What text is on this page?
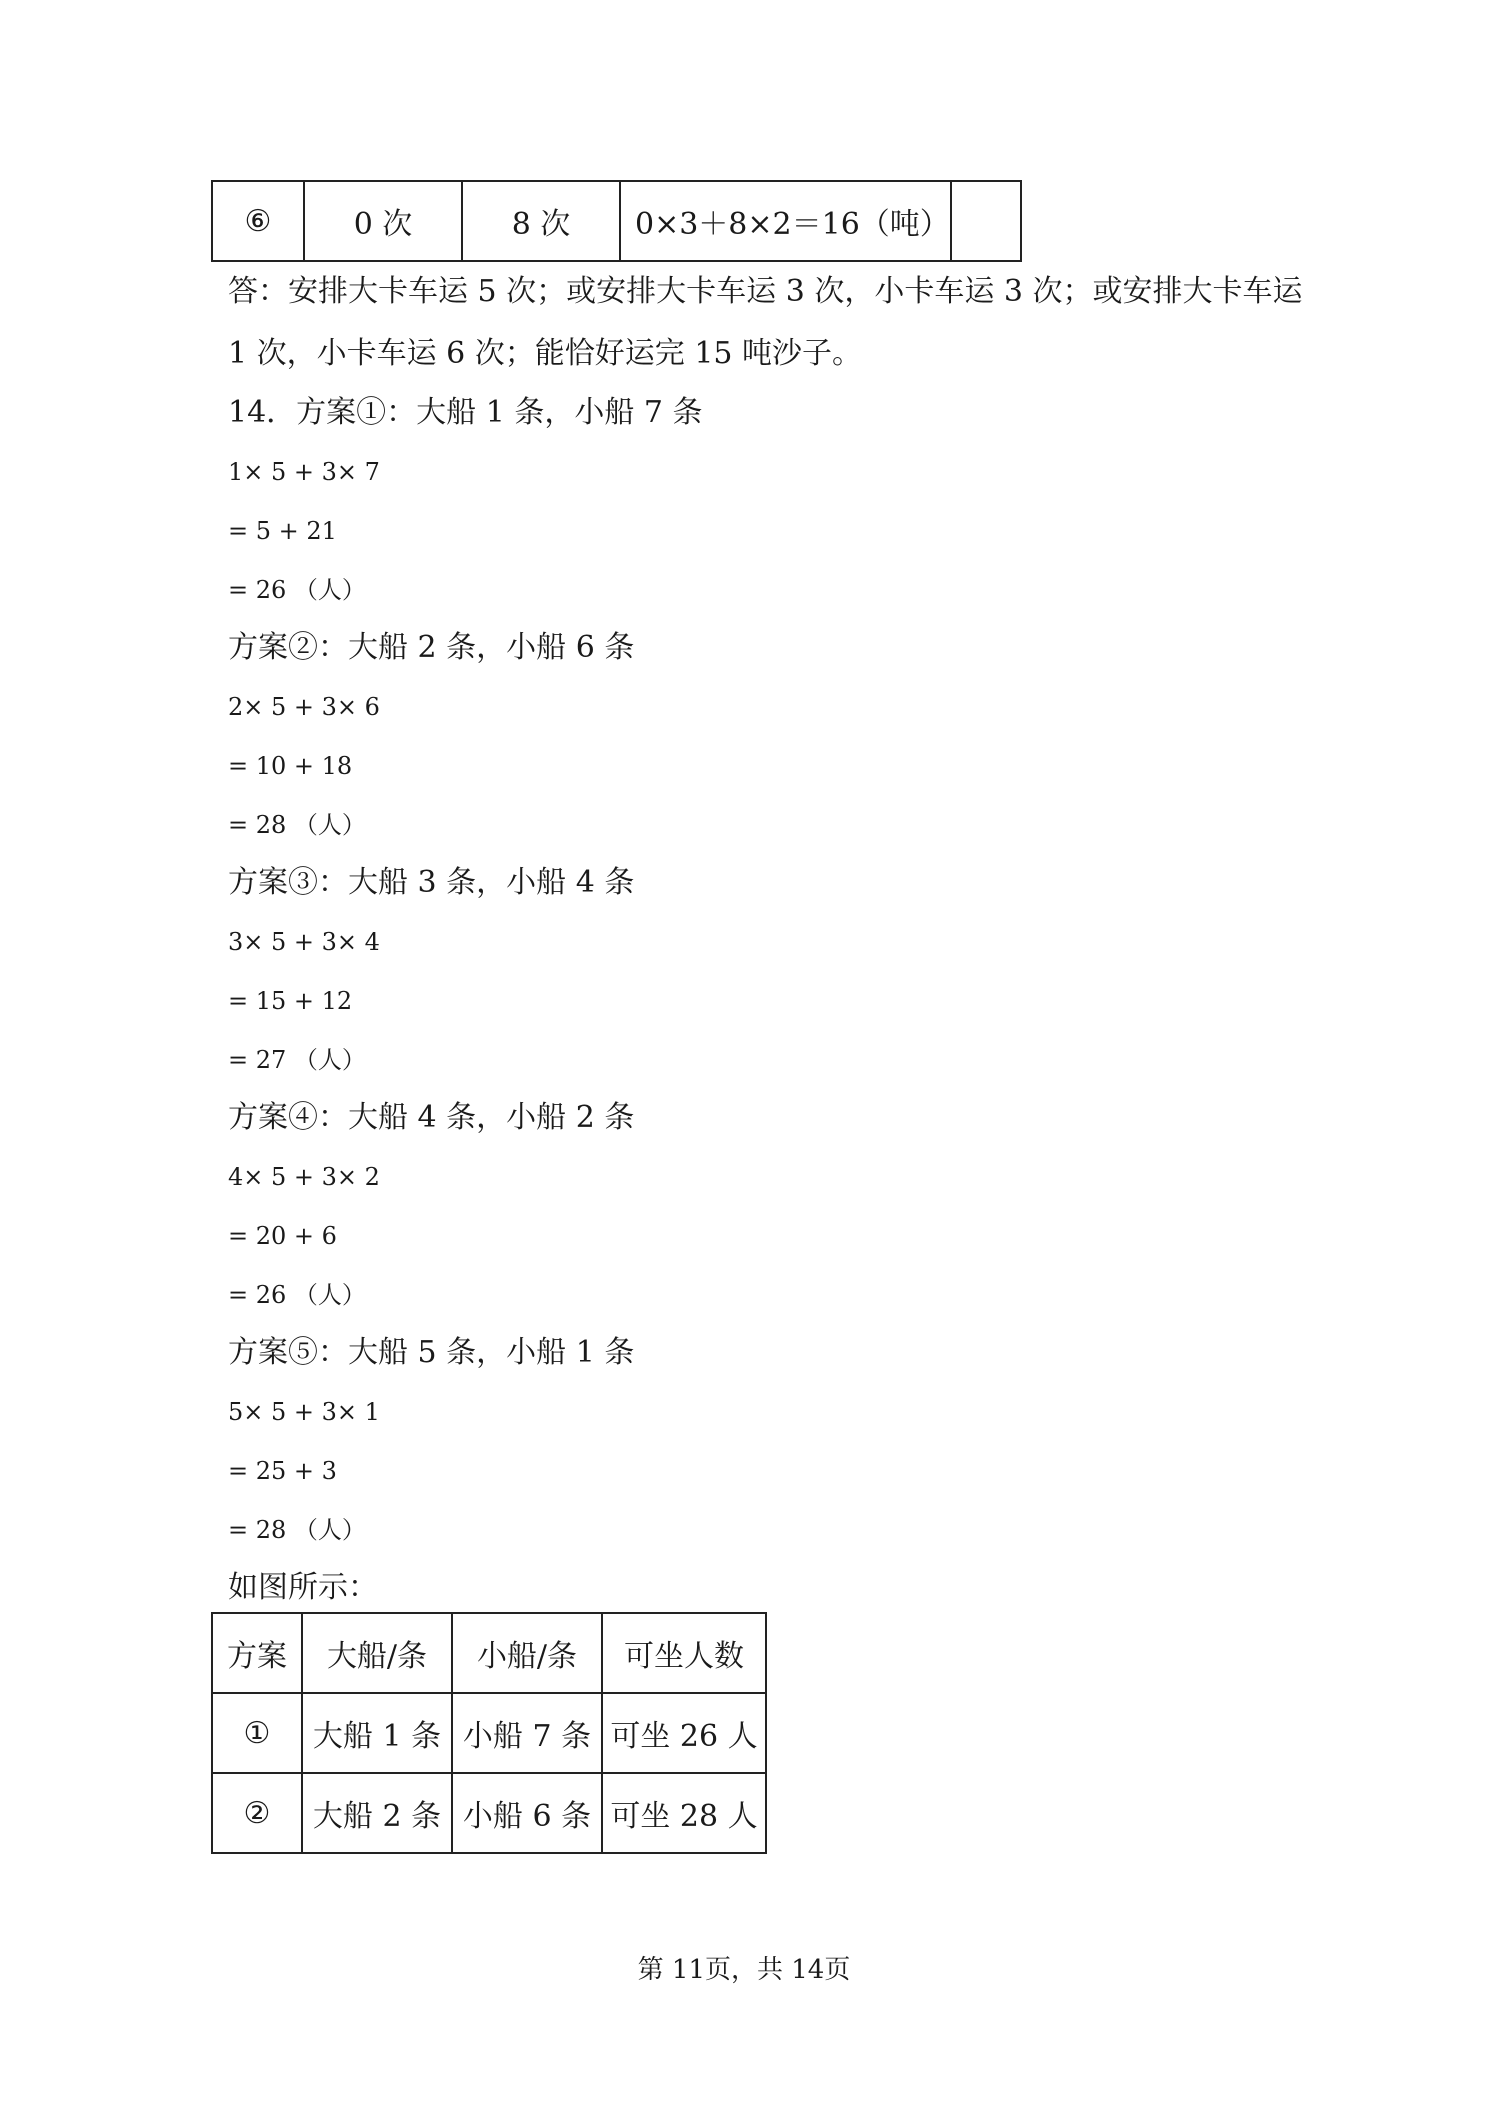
⑥	0 次	8 次	0×3＋8×2＝16（吨）	
答：安排大卡车运 5 次；或安排大卡车运 3 次，小卡车运 3 次；或安排大卡车运
1 次，小卡车运 6 次；能恰好运完 15 吨沙子。
14．方案①：大船 1 条，小船 7 条
1× 5 + 3× 7
= 5 + 21
= 26 （人）
方案②：大船 2 条，小船 6 条
2× 5 + 3× 6
= 10 + 18
= 28 （人）
方案③：大船 3 条，小船 4 条
3× 5 + 3× 4
= 15 + 12
= 27 （人）
方案④：大船 4 条，小船 2 条
4× 5 + 3× 2
= 20 + 6
= 26 （人）
方案⑤：大船 5 条，小船 1 条
5× 5 + 3× 1
= 25 + 3
= 28 （人）
如图所示：
方案	大船/条	小船/条	可坐人数
①	大船 1 条	小船 7 条	可坐 26 人
②	大船 2 条	小船 6 条	可坐 28 人
第 11页，共 14页
